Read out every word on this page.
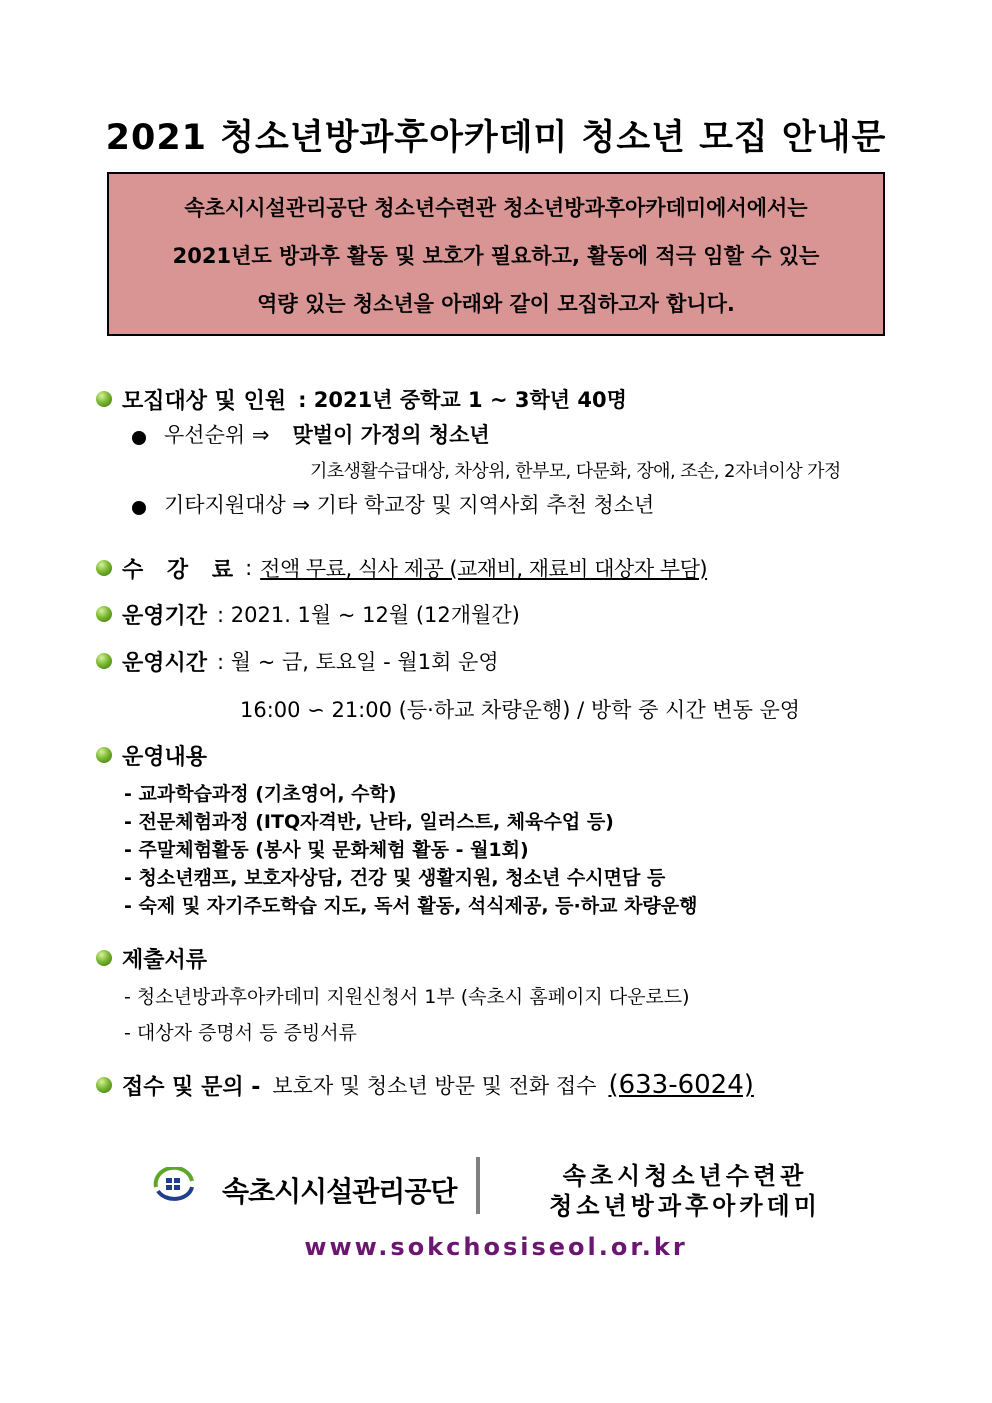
2021 청소년방과후아카데미 청소년 모집 안내문
속초시시설관리공단 청소년수련관 청소년방과후아카데미에서에서는
2021년도 방과후 활동 및 보호가 필요하고, 활동에 적극 임할 수 있는
역량 있는 청소년을 아래와 같이 모집하고자 합니다.
모집대상 및 인원 : 2021년 중학교 1 ~ 3학년 40명
우선순위 ⇒ 맞벌이 가정의 청소년
기초생활수급대상, 차상위, 한부모, 다문화, 장애, 조손, 2자녀이상 가정
기타지원대상 ⇒ 기타 학교장 및 지역사회 추천 청소년
수 강 료 : 전액 무료, 식사 제공 (교재비, 재료비 대상자 부담)
운영기간 : 2021. 1월 ~ 12월 (12개월간)
운영시간 : 월 ~ 금, 토요일 - 월1회 운영
16:00 ∽ 21:00 (등·하교 차량운행) / 방학 중 시간 변동 운영
운영내용
- 교과학습과정 (기초영어, 수학)
- 전문체험과정 (ITQ자격반, 난타, 일러스트, 체육수업 등)
- 주말체험활동 (봉사 및 문화체험 활동 - 월1회)
- 청소년캠프, 보호자상담, 건강 및 생활지원, 청소년 수시면담 등
- 숙제 및 자기주도학습 지도, 독서 활동, 석식제공, 등·하교 차량운행
제출서류
- 청소년방과후아카데미 지원신청서 1부 (속초시 홈페이지 다운로드)
- 대상자 증명서 등 증빙서류
접수 및 문의 - 보호자 및 청소년 방문 및 전화 접수 (633-6024)
속초시시설관리공단	속초시청소년수련관
청소년방과후아카데미
www.sokchosiseol.or.kr
